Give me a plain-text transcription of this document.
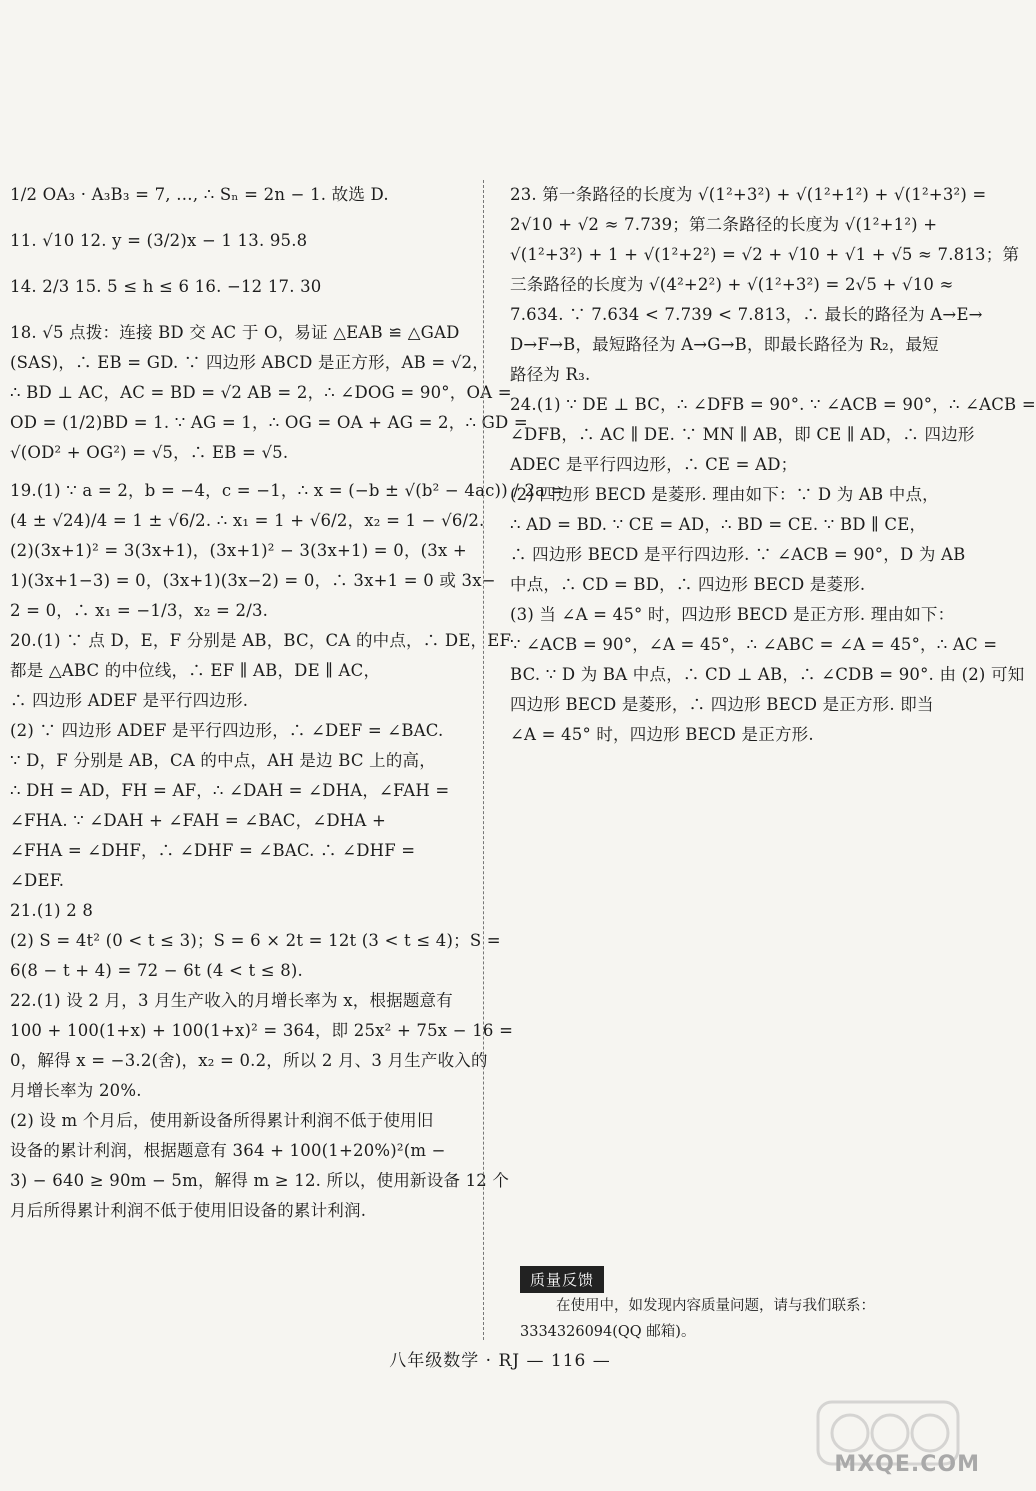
1/2 OA₃ · A₃B₃ = 7, …, ∴ Sₙ = 2n − 1. 故选 D.
11. √10 12. y = (3/2)x − 1 13. 95.8
14. 2/3 15. 5 ≤ h ≤ 6 16. −12 17. 30
18. √5 点拨：连接 BD 交 AC 于 O，易证 △EAB ≌ △GAD
(SAS)，∴ EB = GD. ∵ 四边形 ABCD 是正方形，AB = √2，
∴ BD ⊥ AC，AC = BD = √2 AB = 2，∴ ∠DOG = 90°，OA =
OD = (1/2)BD = 1. ∵ AG = 1，∴ OG = OA + AG = 2，∴ GD =
√(OD² + OG²) = √5，∴ EB = √5.
19.(1) ∵ a = 2，b = −4，c = −1，∴ x = (−b ± √(b² − 4ac)) / 2a =
(4 ± √24)/4 = 1 ± √6/2. ∴ x₁ = 1 + √6/2，x₂ = 1 − √6/2.
(2)(3x+1)² = 3(3x+1)，(3x+1)² − 3(3x+1) = 0，(3x +
1)(3x+1−3) = 0，(3x+1)(3x−2) = 0，∴ 3x+1 = 0 或 3x−
2 = 0，∴ x₁ = −1/3，x₂ = 2/3.
20.(1) ∵ 点 D，E，F 分别是 AB，BC，CA 的中点，∴ DE，EF
都是 △ABC 的中位线，∴ EF ∥ AB，DE ∥ AC，
∴ 四边形 ADEF 是平行四边形.
(2) ∵ 四边形 ADEF 是平行四边形，∴ ∠DEF = ∠BAC.
∵ D，F 分别是 AB，CA 的中点，AH 是边 BC 上的高，
∴ DH = AD，FH = AF，∴ ∠DAH = ∠DHA，∠FAH =
∠FHA. ∵ ∠DAH + ∠FAH = ∠BAC，∠DHA +
∠FHA = ∠DHF，∴ ∠DHF = ∠BAC. ∴ ∠DHF =
∠DEF.
21.(1) 2 8
(2) S = 4t² (0 < t ≤ 3)；S = 6 × 2t = 12t (3 < t ≤ 4)；S =
6(8 − t + 4) = 72 − 6t (4 < t ≤ 8).
22.(1) 设 2 月，3 月生产收入的月增长率为 x，根据题意有
100 + 100(1+x) + 100(1+x)² = 364，即 25x² + 75x − 16 =
0，解得 x = −3.2(舍)，x₂ = 0.2，所以 2 月、3 月生产收入的
月增长率为 20%.
(2) 设 m 个月后，使用新设备所得累计利润不低于使用旧
设备的累计利润，根据题意有 364 + 100(1+20%)²(m −
3) − 640 ≥ 90m − 5m，解得 m ≥ 12. 所以，使用新设备 12 个
月后所得累计利润不低于使用旧设备的累计利润.
23. 第一条路径的长度为 √(1²+3²) + √(1²+1²) + √(1²+3²) =
2√10 + √2 ≈ 7.739；第二条路径的长度为 √(1²+1²) +
√(1²+3²) + 1 + √(1²+2²) = √2 + √10 + √1 + √5 ≈ 7.813；第
三条路径的长度为 √(4²+2²) + √(1²+3²) = 2√5 + √10 ≈
7.634. ∵ 7.634 < 7.739 < 7.813，∴ 最长的路径为 A→E→
D→F→B，最短路径为 A→G→B，即最长路径为 R₂，最短
路径为 R₃.
24.(1) ∵ DE ⊥ BC，∴ ∠DFB = 90°. ∵ ∠ACB = 90°，∴ ∠ACB =
∠DFB，∴ AC ∥ DE. ∵ MN ∥ AB，即 CE ∥ AD，∴ 四边形
ADEC 是平行四边形，∴ CE = AD；
(2) 四边形 BECD 是菱形. 理由如下：∵ D 为 AB 中点，
∴ AD = BD. ∵ CE = AD，∴ BD = CE. ∵ BD ∥ CE，
∴ 四边形 BECD 是平行四边形. ∵ ∠ACB = 90°，D 为 AB
中点，∴ CD = BD，∴ 四边形 BECD 是菱形.
(3) 当 ∠A = 45° 时，四边形 BECD 是正方形. 理由如下：
∵ ∠ACB = 90°，∠A = 45°，∴ ∠ABC = ∠A = 45°，∴ AC =
BC. ∵ D 为 BA 中点，∴ CD ⊥ AB，∴ ∠CDB = 90°. 由 (2) 可知
四边形 BECD 是菱形，∴ 四边形 BECD 是正方形. 即当
∠A = 45° 时，四边形 BECD 是正方形.
质量反馈
在使用中，如发现内容质量问题，请与我们联系：
3334326094(QQ 邮箱)。
八年级数学 · RJ — 116 —
MXQE.COM
